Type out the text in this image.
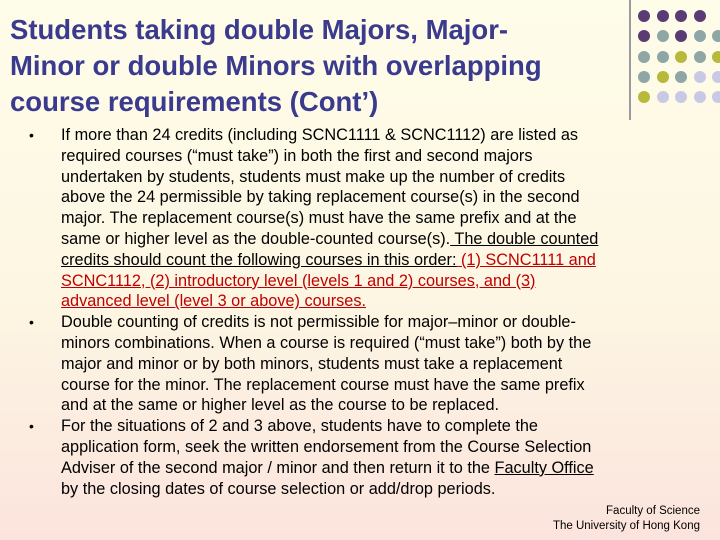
Students taking double Majors, Major-
Minor or double Minors with overlapping
course requirements (Cont’)
• If more than 24 credits (including SCNC1111 & SCNC1112) are listed as
required courses (“must take”) in both the first and second majors
undertaken by students, students must make up the number of credits
above the 24 permissible by taking replacement course(s) in the second
major. The replacement course(s) must have the same prefix and at the
same or higher level as the double-counted course(s). The double counted
credits should count the following courses in this order: (1) SCNC1111 and
SCNC1112, (2) introductory level (levels 1 and 2) courses, and (3)
advanced level (level 3 or above) courses.
• Double counting of credits is not permissible for major–minor or double-
minors combinations. When a course is required (“must take”) both by the
major and minor or by both minors, students must take a replacement
course for the minor. The replacement course must have the same prefix
and at the same or higher level as the course to be replaced.
• For the situations of 2 and 3 above, students have to complete the
application form, seek the written endorsement from the Course Selection
Adviser of the second major / minor and then return it to the Faculty Office
by the closing dates of course selection or add/drop periods.
Faculty of Science
The University of Hong Kong
